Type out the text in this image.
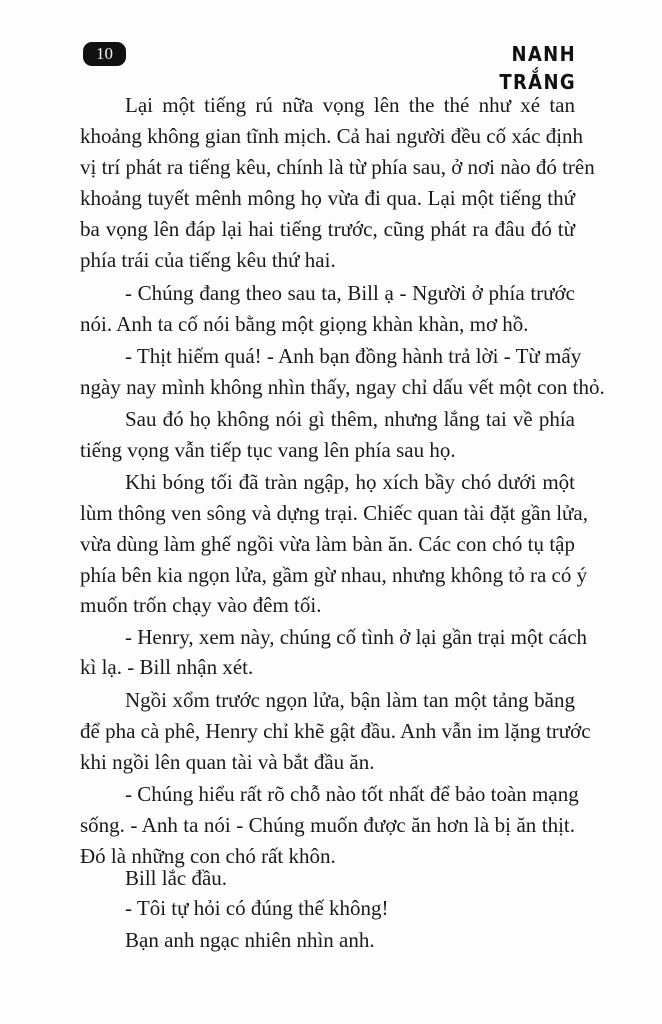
10	NANH TRẮNG
Lại một tiếng rú nữa vọng lên the thé như xé tan
khoảng không gian tĩnh mịch. Cả hai người đều cố xác định
vị trí phát ra tiếng kêu, chính là từ phía sau, ở nơi nào đó trên
khoảng tuyết mênh mông họ vừa đi qua. Lại một tiếng thứ
ba vọng lên đáp lại hai tiếng trước, cũng phát ra đâu đó từ
phía trái của tiếng kêu thứ hai.
- Chúng đang theo sau ta, Bill ạ - Người ở phía trước
nói. Anh ta cố nói bằng một giọng khàn khàn, mơ hồ.
- Thịt hiếm quá! - Anh bạn đồng hành trả lời - Từ mấy
ngày nay mình không nhìn thấy, ngay chỉ dấu vết một con thỏ.
Sau đó họ không nói gì thêm, nhưng lắng tai về phía
tiếng vọng vẫn tiếp tục vang lên phía sau họ.
Khi bóng tối đã tràn ngập, họ xích bầy chó dưới một
lùm thông ven sông và dựng trại. Chiếc quan tài đặt gần lửa,
vừa dùng làm ghế ngồi vừa làm bàn ăn. Các con chó tụ tập
phía bên kia ngọn lửa, gầm gừ nhau, nhưng không tỏ ra có ý
muốn trốn chạy vào đêm tối.
- Henry, xem này, chúng cố tình ở lại gần trại một cách
kì lạ. - Bill nhận xét.
Ngồi xổm trước ngọn lửa, bận làm tan một tảng băng
để pha cà phê, Henry chỉ khẽ gật đầu. Anh vẫn im lặng trước
khi ngồi lên quan tài và bắt đầu ăn.
- Chúng hiểu rất rõ chỗ nào tốt nhất để bảo toàn mạng
sống. - Anh ta nói - Chúng muốn được ăn hơn là bị ăn thịt.
Đó là những con chó rất khôn.
Bill lắc đầu.
- Tôi tự hỏi có đúng thế không!
Bạn anh ngạc nhiên nhìn anh.
